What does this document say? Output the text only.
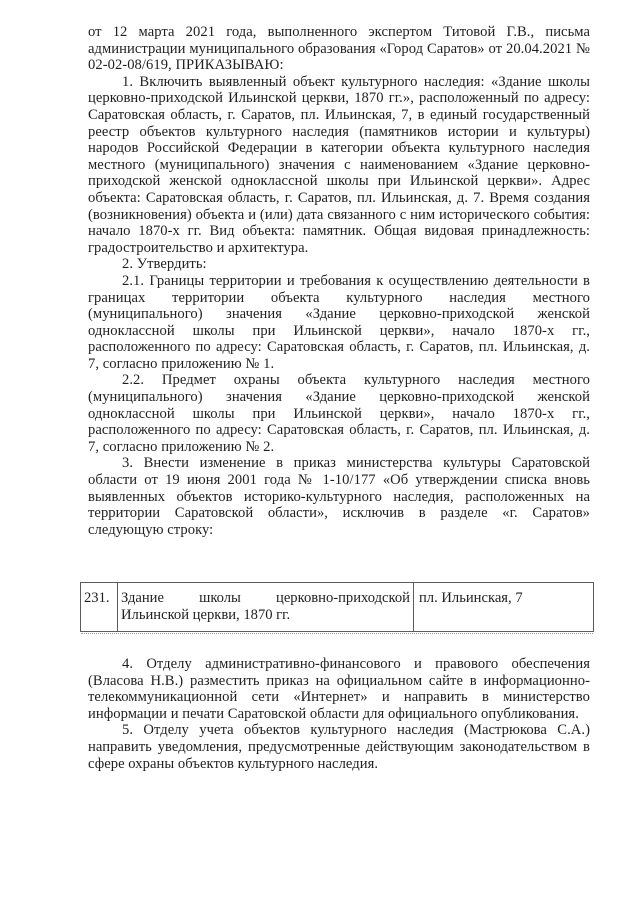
от 12 марта 2021 года, выполненного экспертом Титовой Г.В., письма администрации муниципального образования «Город Саратов» от 20.04.2021 № 02-02-08/619, ПРИКАЗЫВАЮ:

1. Включить выявленный объект культурного наследия: «Здание школы церковно-приходской Ильинской церкви, 1870 гг.», расположенный по адресу: Саратовская область, г. Саратов, пл. Ильинская, 7, в единый государственный реестр объектов культурного наследия (памятников истории и культуры) народов Российской Федерации в категории объекта культурного наследия местного (муниципального) значения с наименованием «Здание церковно-приходской женской одноклассной школы при Ильинской церкви». Адрес объекта: Саратовская область, г. Саратов, пл. Ильинская, д. 7. Время создания (возникновения) объекта и (или) дата связанного с ним исторического события: начало 1870-х гг. Вид объекта: памятник. Общая видовая принадлежность: градостроительство и архитектура.

2. Утвердить:

2.1. Границы территории и требования к осуществлению деятельности в границах территории объекта культурного наследия местного (муниципального) значения «Здание церковно-приходской женской одноклассной школы при Ильинской церкви», начало 1870-х гг., расположенного по адресу: Саратовская область, г. Саратов, пл. Ильинская, д. 7, согласно приложению № 1.

2.2. Предмет охраны объекта культурного наследия местного (муниципального) значения «Здание церковно-приходской женской одноклассной школы при Ильинской церкви», начало 1870-х гг., расположенного по адресу: Саратовская область, г. Саратов, пл. Ильинская, д. 7, согласно приложению № 2.

3. Внести изменение в приказ министерства культуры Саратовской области от 19 июня 2001 года № 1-10/177 «Об утверждении списка вновь выявленных объектов историко-культурного наследия, расположенных на территории Саратовской области», исключив в разделе «г. Саратов» следующую строку:

231. Здание школы церковно-приходской Ильинской церкви, 1870 гг.
пл. Ильинская, 7

4. Отделу административно-финансового и правового обеспечения (Власова Н.В.) разместить приказ на официальном сайте в информационно-телекоммуникационной сети «Интернет» и направить в министерство информации и печати Саратовской области для официального опубликования.

5. Отделу учета объектов культурного наследия (Мастрюкова С.А.) направить уведомления, предусмотренные действующим законодательством в сфере охраны объектов культурного наследия.
